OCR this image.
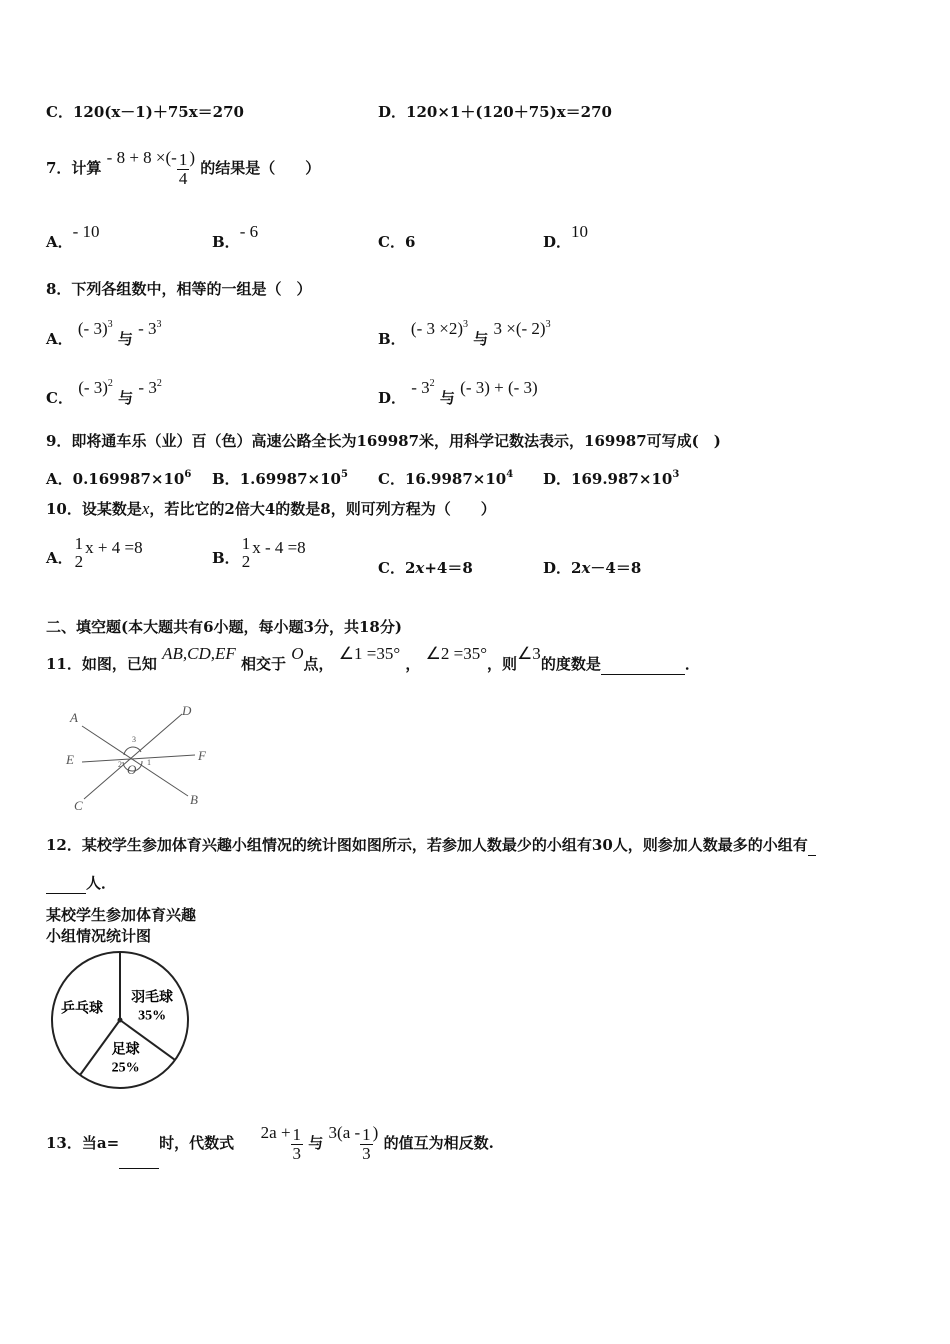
C．120(x－1)＋75x＝270	D．120×1＋(120＋75)x＝270
7．计算 - 8 + 8 ×(- $\frac{1}{4}$ ) 的结果是（　　）
A．- 10
B．- 6
C．6	D．10
8．下列各组数中，相等的一组是（　）
A． (- 3)$^3$ 与 - $3^3$
B． (- 3 ×2)$^3$ 与 3 ×(- 2)$^3$
C． (- 3)$^2$ 与 - $3^2$
D． - $3^2$ 与 (- 3) + (- 3)
9．即将通车乐（业）百（色）高速公路全长为169987米，用科学记数法表示，169987可写成(　)
A．$0.169987\times 10^6$ B．$1.69987\times 10^5$ C．$16.9987\times 10^4$ D．$169.987\times 10^3$
10．设某数是x，若比它的2倍大4的数是8，则可列方程为（　　）
A．
1
2
x + 4 =8
B．
1
2
x - 4 =8
C．2x+4＝8	D．2x－4＝8
二、填空题(本大题共有6小题，每小题3分，共18分)
11．如图，已知 AB,CD,EF 相交于 O点， ∠1 =35° ， ∠2 =35°，则∠3的度数是	．
A
B
C
D
E	F
O 1
2
3
12．某校学生参加体育兴趣小组情况的统计图如图所示，若参加人数最少的小组有30人，则参加人数最多的小组有
人．
某校学生参加体育兴趣
小组情况统计图
乒乓球
羽毛球
35%
足球
25%
13．当a=	时，代数式  $2a + \frac{1}{3}$ 与 $3(a - \frac{1}{3}$ ) 的值互为相反数.
